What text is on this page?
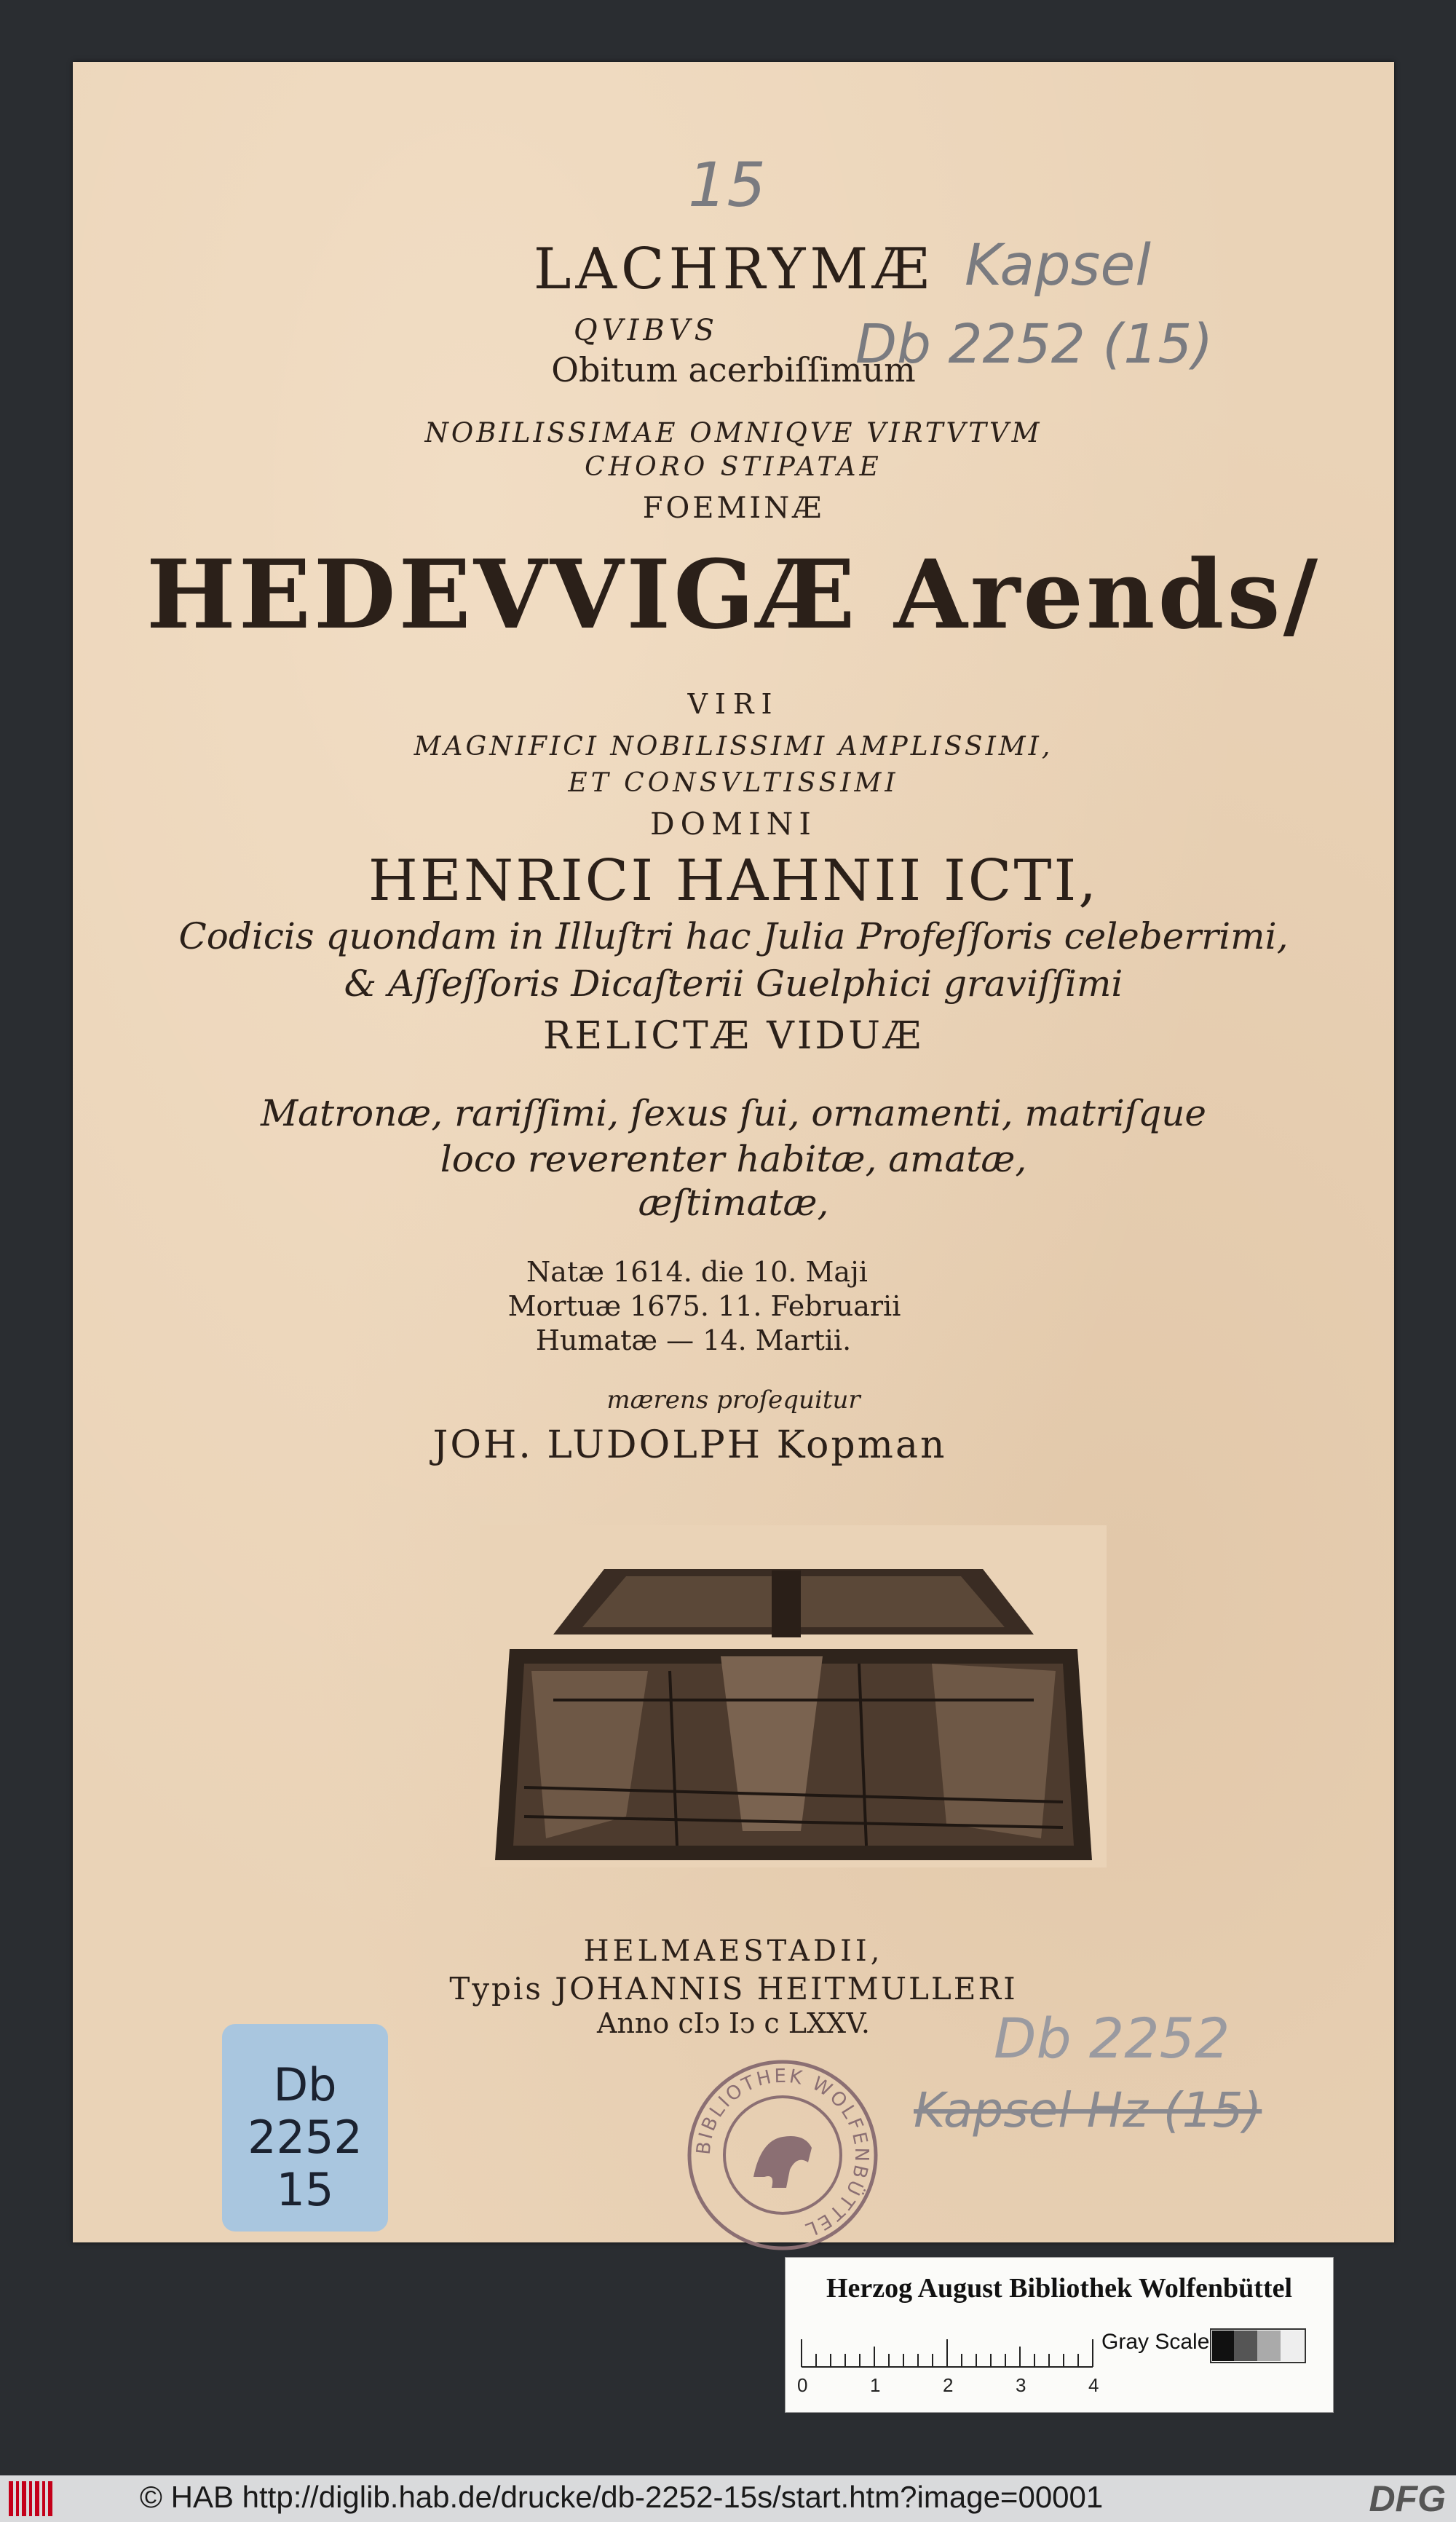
15
Kapsel
Db 2252 (15)
Db 2252
Kapsel Hz (15)

LACHRYMÆ

QVIBVS

Obitum acerbiſſimum

NOBILISSIMAE OMNIQVE VIRTVTVM

CHORO STIPATAE

FOEMINÆ

HEDEVVIGÆ Arends/

VIRI

MAGNIFICI NOBILISSIMI AMPLISSIMI,

ET CONSVLTISSIMI

DOMINI

HENRICI HAHNII ICTI,

Codicis quondam in Illuſtri hac Julia Profeſſoris celeberrimi,

& Aſſeſſoris Dicaſterii Guelphici graviſſimi

RELICTÆ VIDUÆ

Matronæ, rariſſimi, ſexus ſui, ornamenti, matriſque

loco reverenter habitæ, amatæ,

æſtimatæ,

Natæ 1614. die 10. Maji

Mortuæ 1675. 11. Februarii

Humatæ — 14. Martii.

mærens proſequitur

JOH. LUDOLPH Kopman

HELMAESTADII,

Typis JOHANNIS HEITMULLERI

Anno cIↄ Iↄ c LXXV.

BIBLIOTHEK WOLFENBÜTTEL
Db
2252
15
Herzog August Bibliothek Wolfenbüttel
0	1	2	3	4
Gray Scale
© HAB http://diglib.hab.de/drucke/db-2252-15s/start.htm?image=00001	DFG
